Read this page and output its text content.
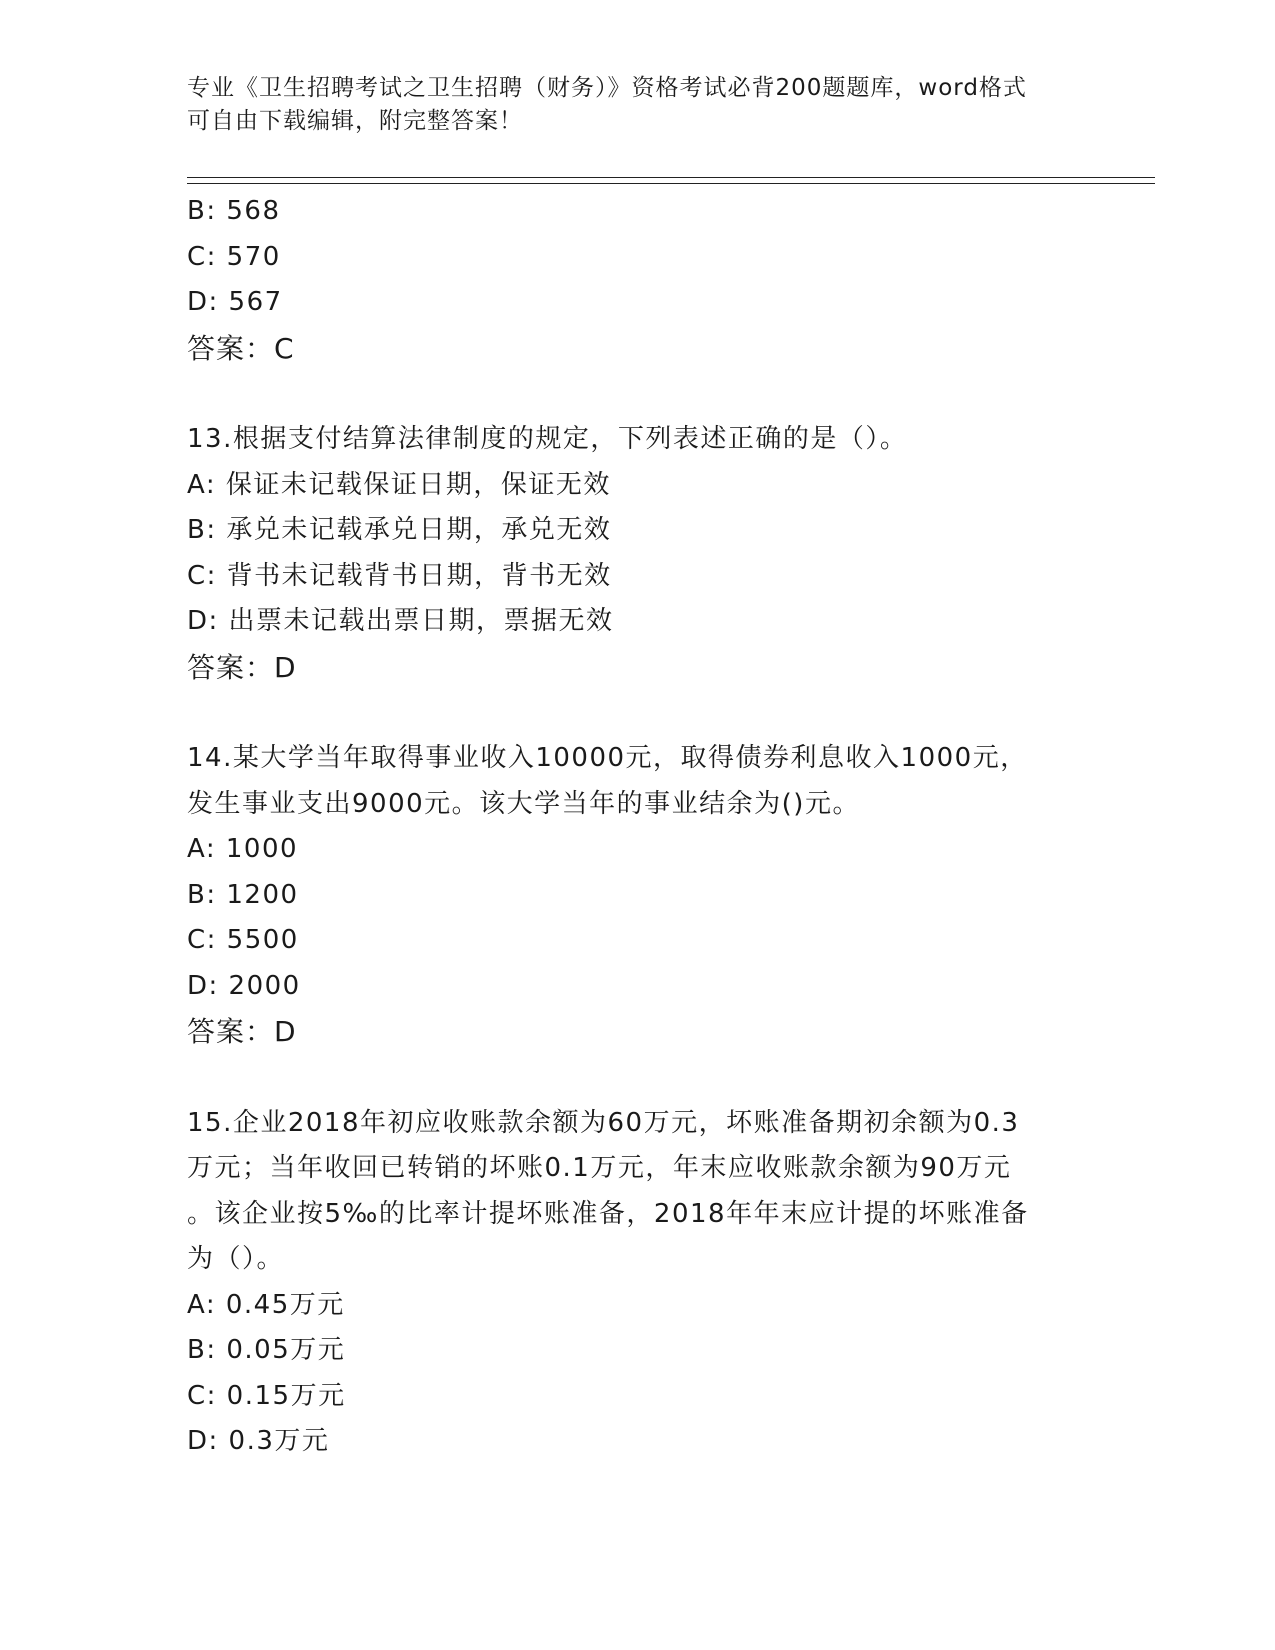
专业《卫生招聘考试之卫生招聘（财务）》资格考试必背200题题库，word格式
可自由下载编辑，附完整答案！
B: 568
C: 570
D: 567
答案：C
13.根据支付结算法律制度的规定，下列表述正确的是（）。
A: 保证未记载保证日期，保证无效
B: 承兑未记载承兑日期，承兑无效
C: 背书未记载背书日期，背书无效
D: 出票未记载出票日期，票据无效
答案：D
14.某大学当年取得事业收入10000元，取得债券利息收入1000元，
发生事业支出9000元。该大学当年的事业结余为()元。
A: 1000
B: 1200
C: 5500
D: 2000
答案：D
15.企业2018年初应收账款余额为60万元，坏账准备期初余额为0.3
万元；当年收回已转销的坏账0.1万元，年末应收账款余额为90万元
。该企业按5‰的比率计提坏账准备，2018年年末应计提的坏账准备
为（）。
A: 0.45万元
B: 0.05万元
C: 0.15万元
D: 0.3万元
